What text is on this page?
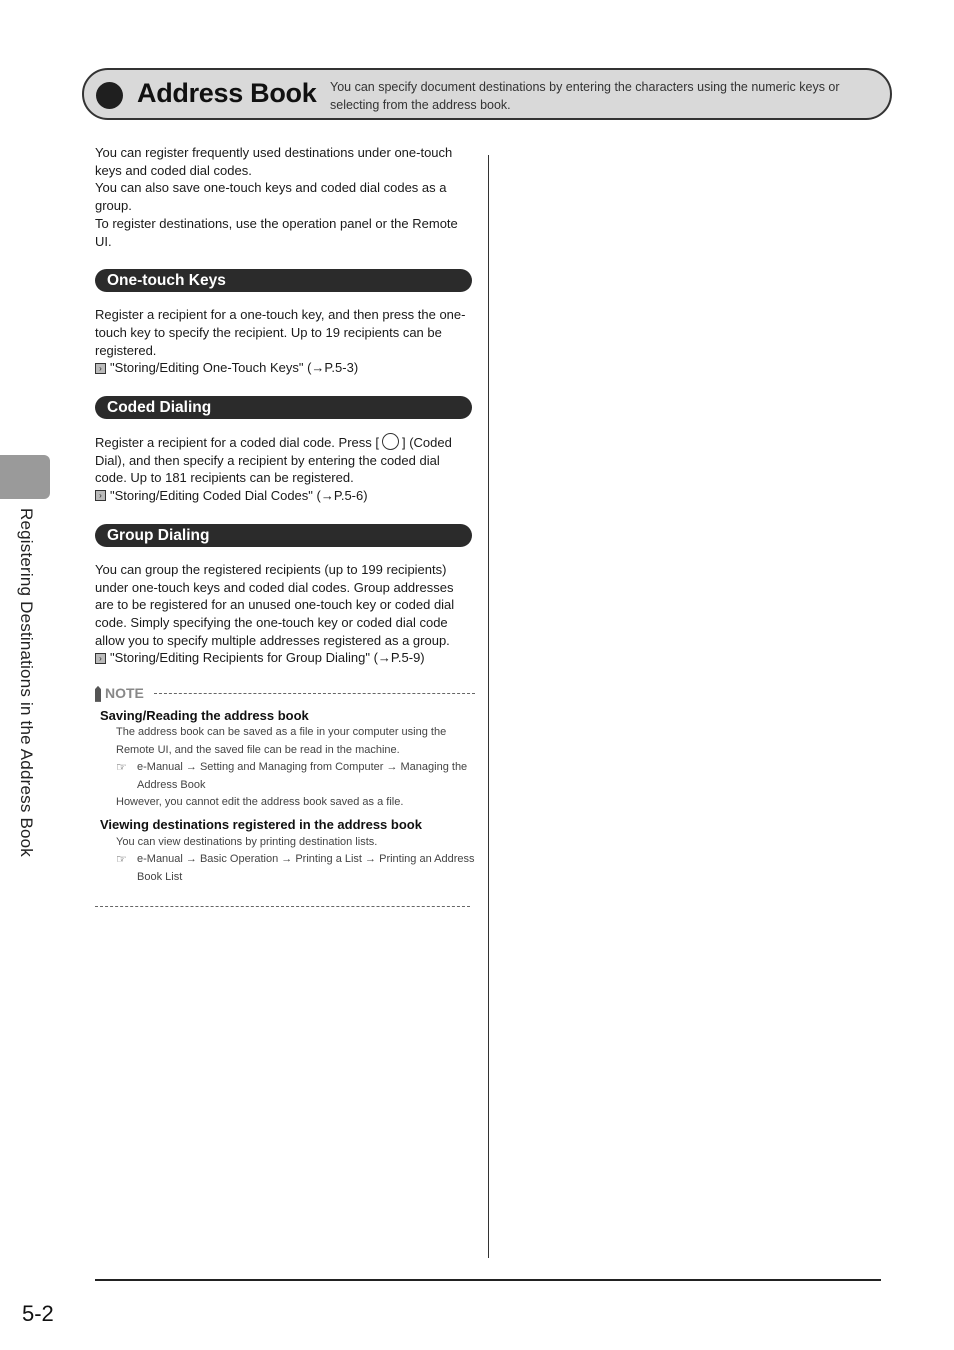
Address Book You can specify document destinations by entering the characters using the numeric keys or selecting from the address book.
Registering Destinations in the Address Book

You can register frequently used destinations under one-touch keys and coded dial codes.

You can also save one-touch keys and coded dial codes as a group.

To register destinations, use the operation panel or the Remote UI.

One-touch Keys

Register a recipient for a one-touch key, and then press the one-touch key to specify the recipient. Up to 19 recipients can be registered.

› "Storing/Editing One-Touch Keys" (→P.5-3)
Coded Dialing

Register a recipient for a coded dial code. Press [ ] (Coded Dial), and then specify a recipient by entering the coded dial code. Up to 181 recipients can be registered.

› "Storing/Editing Coded Dial Codes" (→P.5-6)
Group Dialing

You can group the registered recipients (up to 199 recipients) under one-touch keys and coded dial codes. Group addresses are to be registered for an unused one-touch key or coded dial code. Simply specifying the one-touch key or coded dial code allow you to specify multiple addresses registered as a group.

› "Storing/Editing Recipients for Group Dialing" (→P.5-9)
NOTE
Saving/Reading the address book
The address book can be saved as a file in your computer using the Remote UI, and the saved file can be read in the machine.
☞ e-Manual → Setting and Managing from Computer → Managing the Address Book
However, you cannot edit the address book saved as a file.
Viewing destinations registered in the address book
You can view destinations by printing destination lists.
☞ e-Manual → Basic Operation → Printing a List → Printing an Address Book List
5-2
